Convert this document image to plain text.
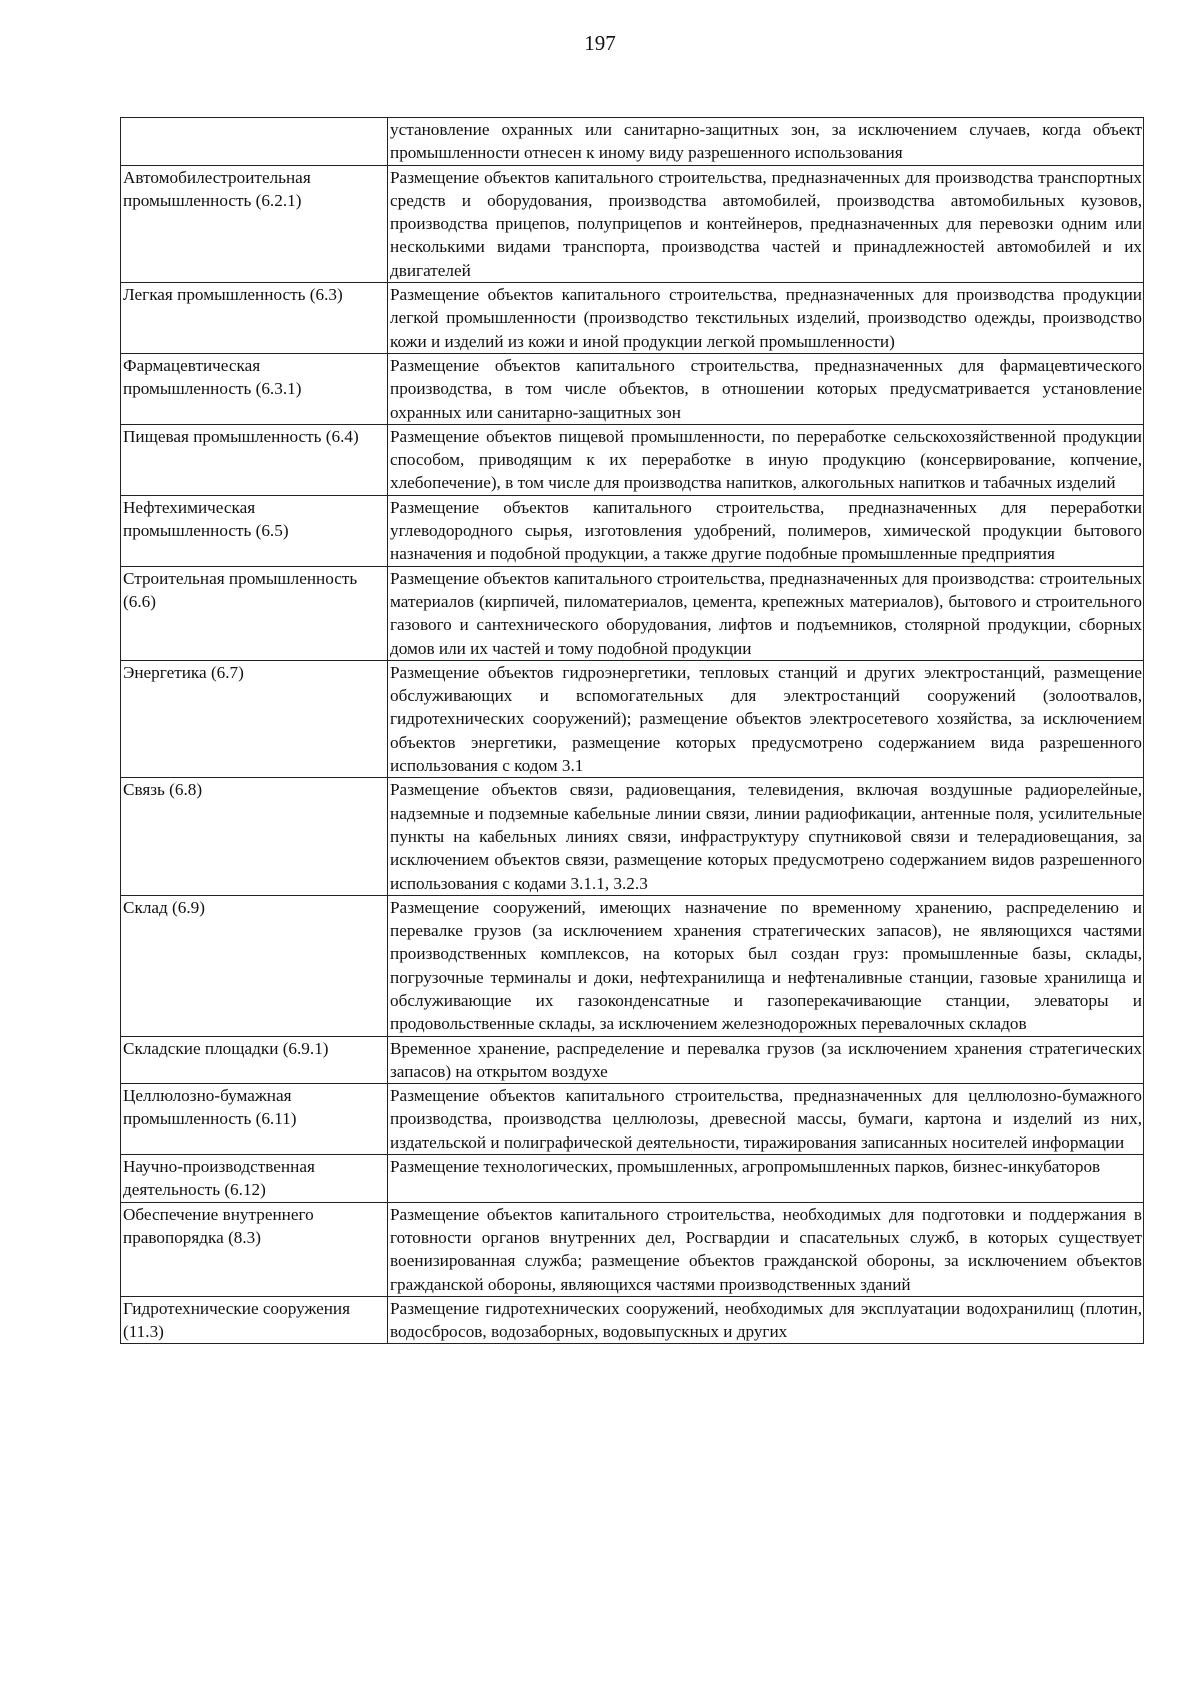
197
	установление охранных или санитарно-защитных зон, за исключением случаев, когда объект промышленности отнесен к иному виду разрешенного использования
Автомобилестроительная промышленность (6.2.1)	Размещение объектов капитального строительства, предназначенных для производства транспортных средств и оборудования, производства автомобилей, производства автомобильных кузовов, производства прицепов, полуприцепов и контейнеров, предназначенных для перевозки одним или несколькими видами транспорта, производства частей и принадлежностей автомобилей и их двигателей
Легкая промышленность (6.3)	Размещение объектов капитального строительства, предназначенных для производства продукции легкой промышленности (производство текстильных изделий, производство одежды, производство кожи и изделий из кожи и иной продукции легкой промышленности)
Фармацевтическая промышленность (6.3.1)	Размещение объектов капитального строительства, предназначенных для фармацевтического производства, в том числе объектов, в отношении которых предусматривается установление охранных или санитарно-защитных зон
Пищевая промышленность (6.4)	Размещение объектов пищевой промышленности, по переработке сельскохозяйственной продукции способом, приводящим к их переработке в иную продукцию (консервирование, копчение, хлебопечение), в том числе для производства напитков, алкогольных напитков и табачных изделий
Нефтехимическая промышленность (6.5)	Размещение объектов капитального строительства, предназначенных для переработки углеводородного сырья, изготовления удобрений, полимеров, химической продукции бытового назначения и подобной продукции, а также другие подобные промышленные предприятия
Строительная промышленность (6.6)	Размещение объектов капитального строительства, предназначенных для производства: строительных материалов (кирпичей, пиломатериалов, цемента, крепежных материалов), бытового и строительного газового и сантехнического оборудования, лифтов и подъемников, столярной продукции, сборных домов или их частей и тому подобной продукции
Энергетика (6.7)	Размещение объектов гидроэнергетики, тепловых станций и других электростанций, размещение обслуживающих и вспомогательных для электростанций сооружений (золоотвалов, гидротехнических сооружений); размещение объектов электросетевого хозяйства, за исключением объектов энергетики, размещение которых предусмотрено содержанием вида разрешенного использования с кодом 3.1
Связь (6.8)	Размещение объектов связи, радиовещания, телевидения, включая воздушные радиорелейные, надземные и подземные кабельные линии связи, линии радиофикации, антенные поля, усилительные пункты на кабельных линиях связи, инфраструктуру спутниковой связи и телерадиовещания, за исключением объектов связи, размещение которых предусмотрено содержанием видов разрешенного использования с кодами 3.1.1, 3.2.3
Склад (6.9)	Размещение сооружений, имеющих назначение по временному хранению, распределению и перевалке грузов (за исключением хранения стратегических запасов), не являющихся частями производственных комплексов, на которых был создан груз: промышленные базы, склады, погрузочные терминалы и доки, нефтехранилища и нефтеналивные станции, газовые хранилища и обслуживающие их газоконденсатные и газоперекачивающие станции, элеваторы и продовольственные склады, за исключением железнодорожных перевалочных складов
Складские площадки (6.9.1)	Временное хранение, распределение и перевалка грузов (за исключением хранения стратегических запасов) на открытом воздухе
Целлюлозно-бумажная промышленность (6.11)	Размещение объектов капитального строительства, предназначенных для целлюлозно-бумажного производства, производства целлюлозы, древесной массы, бумаги, картона и изделий из них, издательской и полиграфической деятельности, тиражирования записанных носителей информации
Научно-производственная деятельность (6.12)	Размещение технологических, промышленных, агропромышленных парков, бизнес-инкубаторов
Обеспечение внутреннего правопорядка (8.3)	Размещение объектов капитального строительства, необходимых для подготовки и поддержания в готовности органов внутренних дел, Росгвардии и спасательных служб, в которых существует военизированная служба; размещение объектов гражданской обороны, за исключением объектов гражданской обороны, являющихся частями производственных зданий
Гидротехнические сооружения (11.3)	Размещение гидротехнических сооружений, необходимых для эксплуатации водохранилищ (плотин, водосбросов, водозаборных, водовыпускных и других
